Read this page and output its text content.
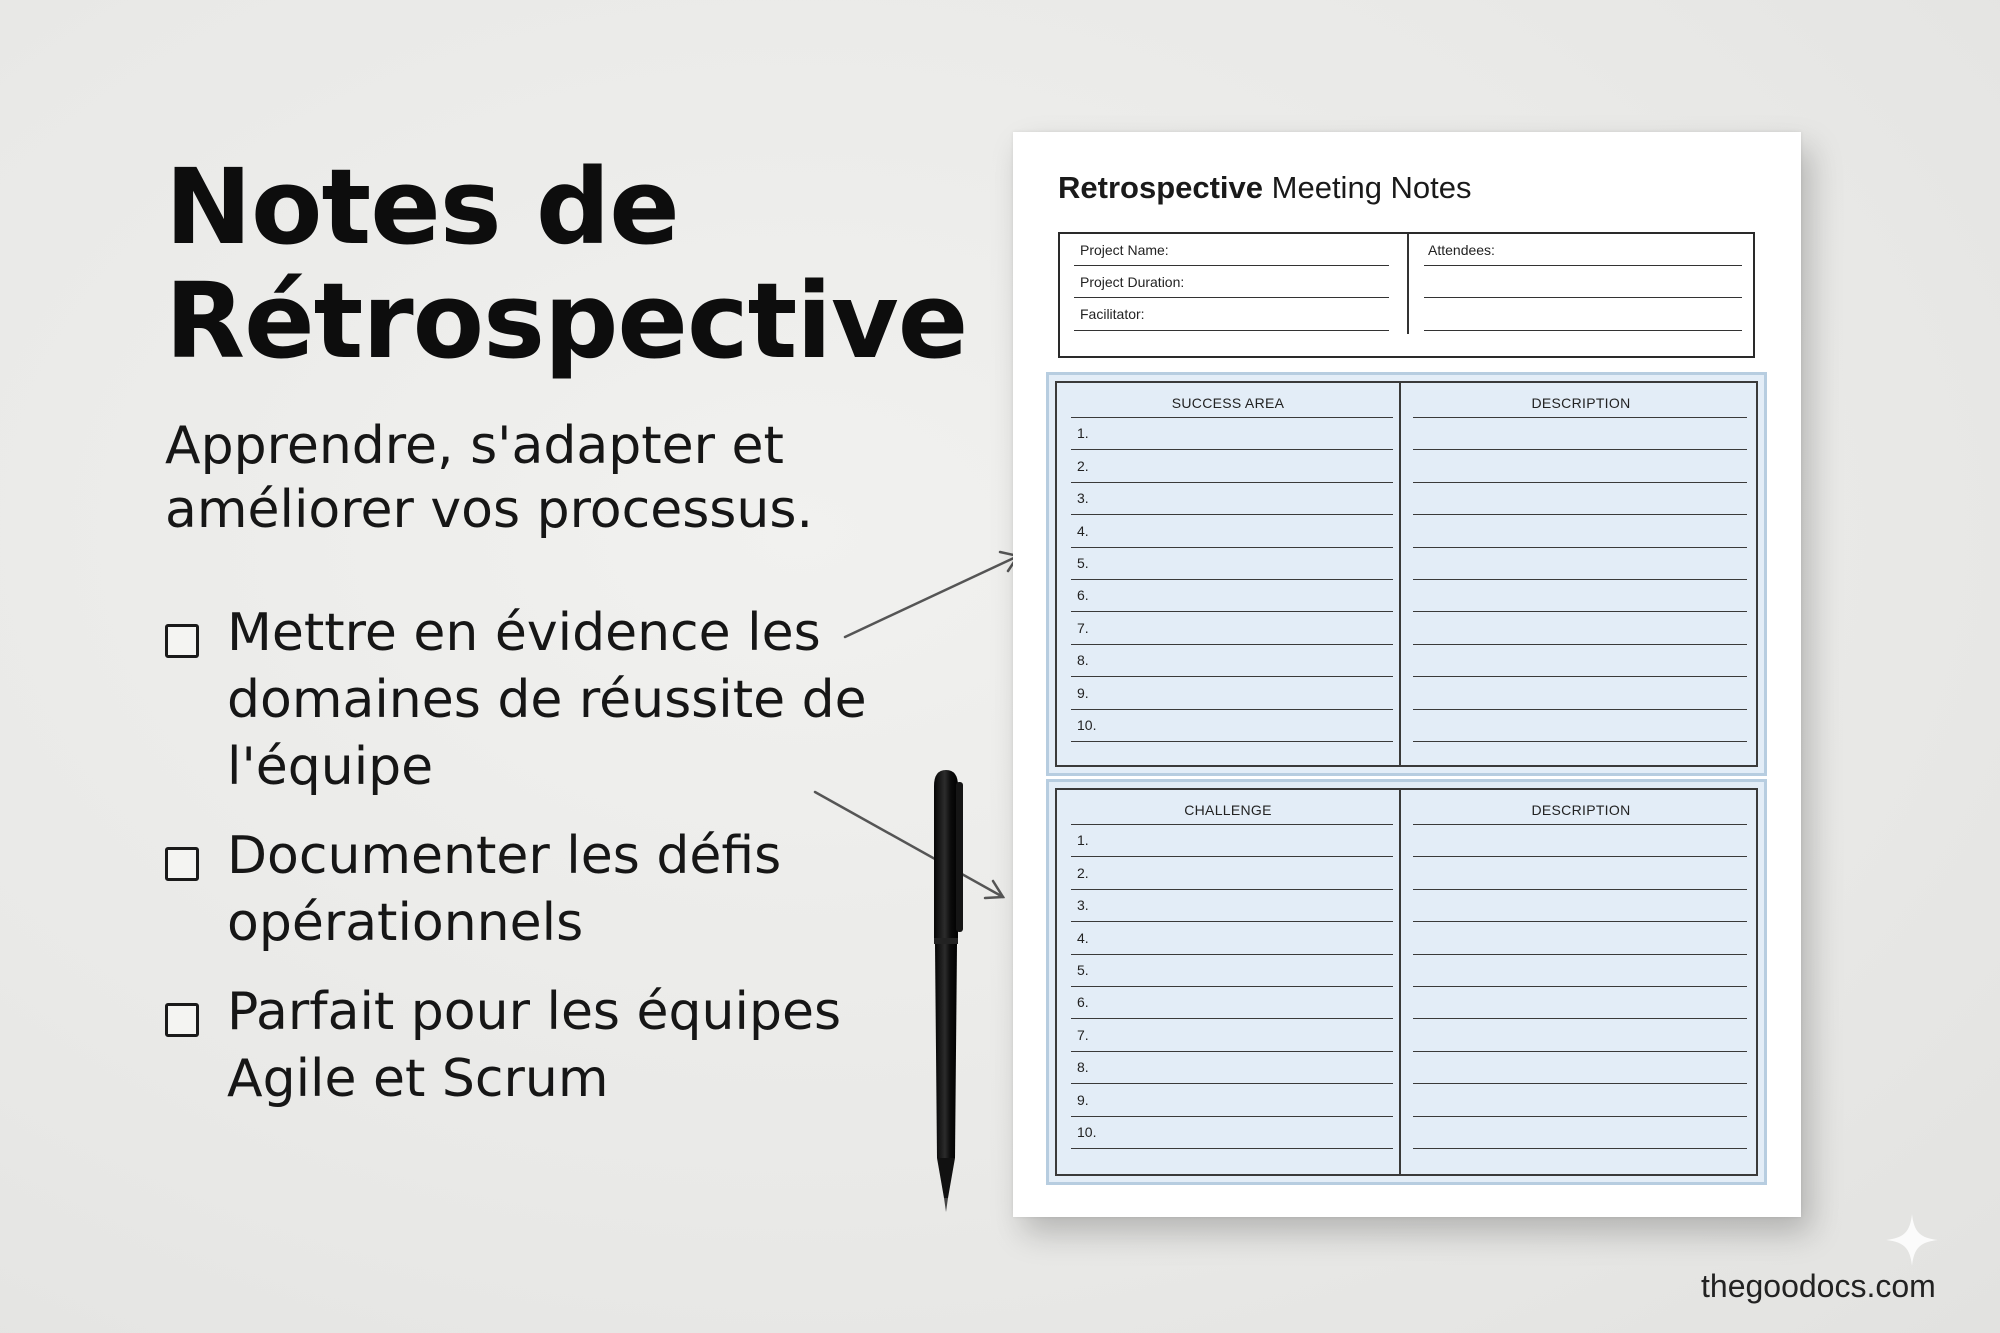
Notes de
Rétrospective

Apprendre, s'adapter et
améliorer vos processus.

Mettre en évidence les
domaines de réussite de
l'équipe
Documenter les défis
opérationnels
Parfait pour les équipes
Agile et Scrum
Retrospective Meeting Notes
Project Name:
Project Duration:
Facilitator:
Attendees:
SUCCESS AREA	DESCRIPTION
1.
2.
3.
4.
5.
6.
7.
8.
9.
10.
CHALLENGE	DESCRIPTION
1.
2.
3.
4.
5.
6.
7.
8.
9.
10.
thegoodocs.com
